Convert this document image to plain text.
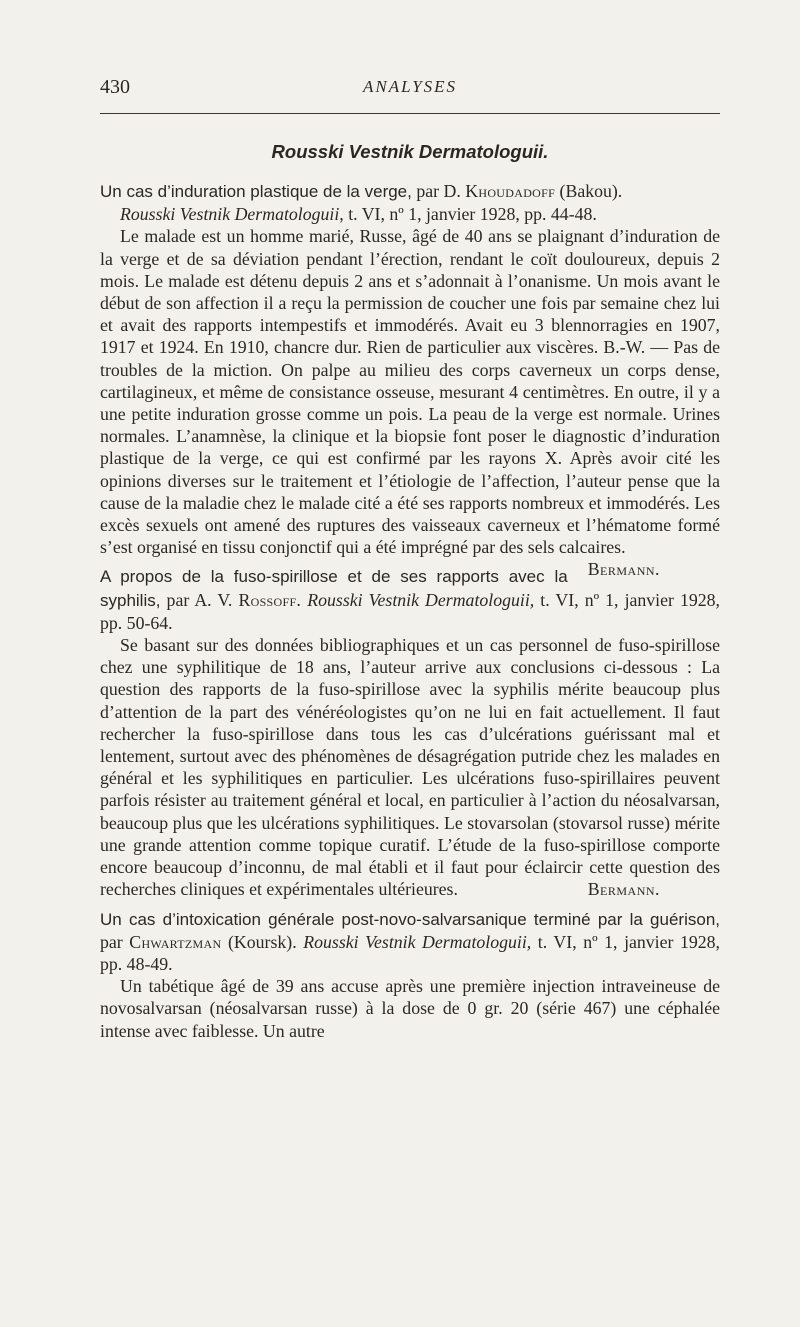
430	ANALYSES
Rousski Vestnik Dermatologuii.

Un cas d’induration plastique de la verge, par D. Khoudadoff (Bakou).
Roussk​i Vestnik Dermatologuii, t. VI, nº 1, janvier 1928, pp. 44-48.

Le malade est un homme marié, Russe, âgé de 40 ans se plaignant d’induration de la verge et de sa déviation pendant l’érection, rendant le coït douloureux, depuis 2 mois. Le malade est détenu depuis 2 ans et s’adonnait à l’onanisme. Un mois avant le début de son affection il a reçu la permission de coucher une fois par semaine chez lui et avait des rapports intempestifs et immodérés. Avait eu 3 blennorragies en 1907, 1917 et 1924. En 1910, chancre dur. Rien de particulier aux viscères. B.-W. — Pas de troubles de la miction. On palpe au milieu des corps caverneux un corps dense, cartilagineux, et même de consistance osseuse, mesurant 4 centimètres. En outre, il y a une petite induration grosse comme un pois. La peau de la verge est normale. Urines normales. L’anamnèse, la clinique et la biopsie font poser le diagnostic d’induration plastique de la verge, ce qui est confirmé par les rayons X. Après avoir cité les opinions diverses sur le traitement et l’étiologie de l’affection, l’auteur pense que la cause de la maladie chez le malade cité a été ses rapports nombreux et immodérés. Les excès sexuels ont amené des ruptures des vaisseaux caverneux et l’hématome formé s’est organisé en tissu conjonctif qui a été imprégné par des sels calcaires.
Bermann.

A propos de la fuso-spirillose et de ses rapports avec la syphilis, par A. V. Rossoff. Roussk​i Vestnik Dermatologuii, t. VI, nº 1, janvier 1928, pp. 50-64.

Se basant sur des données bibliographiques et un cas personnel de fuso-spirillose chez une syphilitique de 18 ans, l’auteur arrive aux conclusions ci-dessous : La question des rapports de la fuso-spirillose avec la syphilis mérite beaucoup plus d’attention de la part des vénéréologistes qu’on ne lui en fait actuellement. Il faut rechercher la fuso-spirillose dans tous les cas d’ulcérations guérissant mal et lentement, surtout avec des phénomènes de désagrégation putride chez les malades en général et les syphilitiques en particulier. Les ulcérations fuso-spirillaires peuvent parfois résister au traitement général et local, en particulier à l’action du néosalvarsan, beaucoup plus que les ulcérations syphilitiques. Le stovarsolan (stovarsol russe) mérite une grande attention comme topique curatif. L’étude de la fuso-spirillose comporte encore beaucoup d’inconnu, de mal établi et il faut pour éclaircir cette question des recherches cliniques et expérimentales ultérieures.	Bermann.

Un cas d’intoxication générale post-novo-salvarsanique terminé par la guérison, par Chwartzman (Koursk). Roussk​i Vestnik Dermatologuii, t. VI, nº 1, janvier 1928, pp. 48-49.

Un tabétique âgé de 39 ans accuse après une première injection intraveineuse de novosalvarsan (néosalvarsan russe) à la dose de 0 gr. 20 (série 467) une céphalée intense avec faiblesse. Un autre
